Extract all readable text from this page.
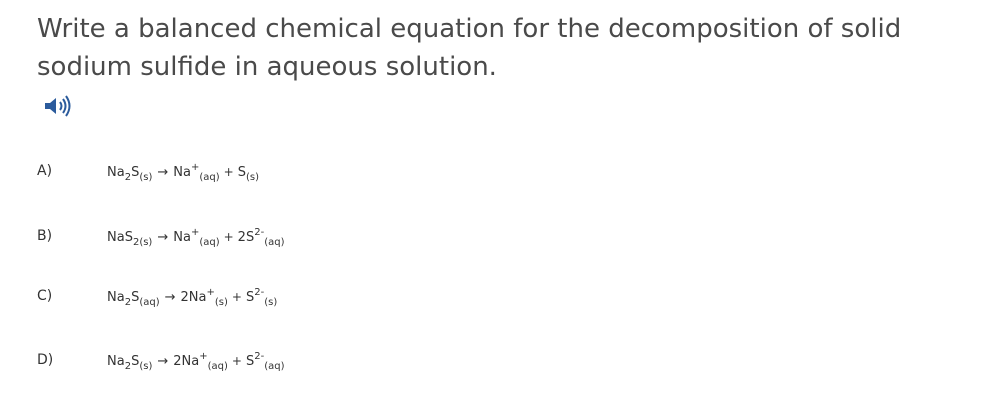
Write a balanced chemical equation for the decomposition of solid sodium sulfide in aqueous solution.
A)	$Na_2S_{(s)} \to Na^+_{(aq)} + S_{(s)}$
B)	$NaS_{2(s)} \to Na^+_{(aq)} + 2S^{2-}_{(aq)}$
C)	$Na_2S_{(aq)} \to 2Na^+_{(s)} + S^{2-}_{(s)}$
D)	$Na_2S_{(s)} \to 2Na^+_{(aq)} + S^{2-}_{(aq)}$
